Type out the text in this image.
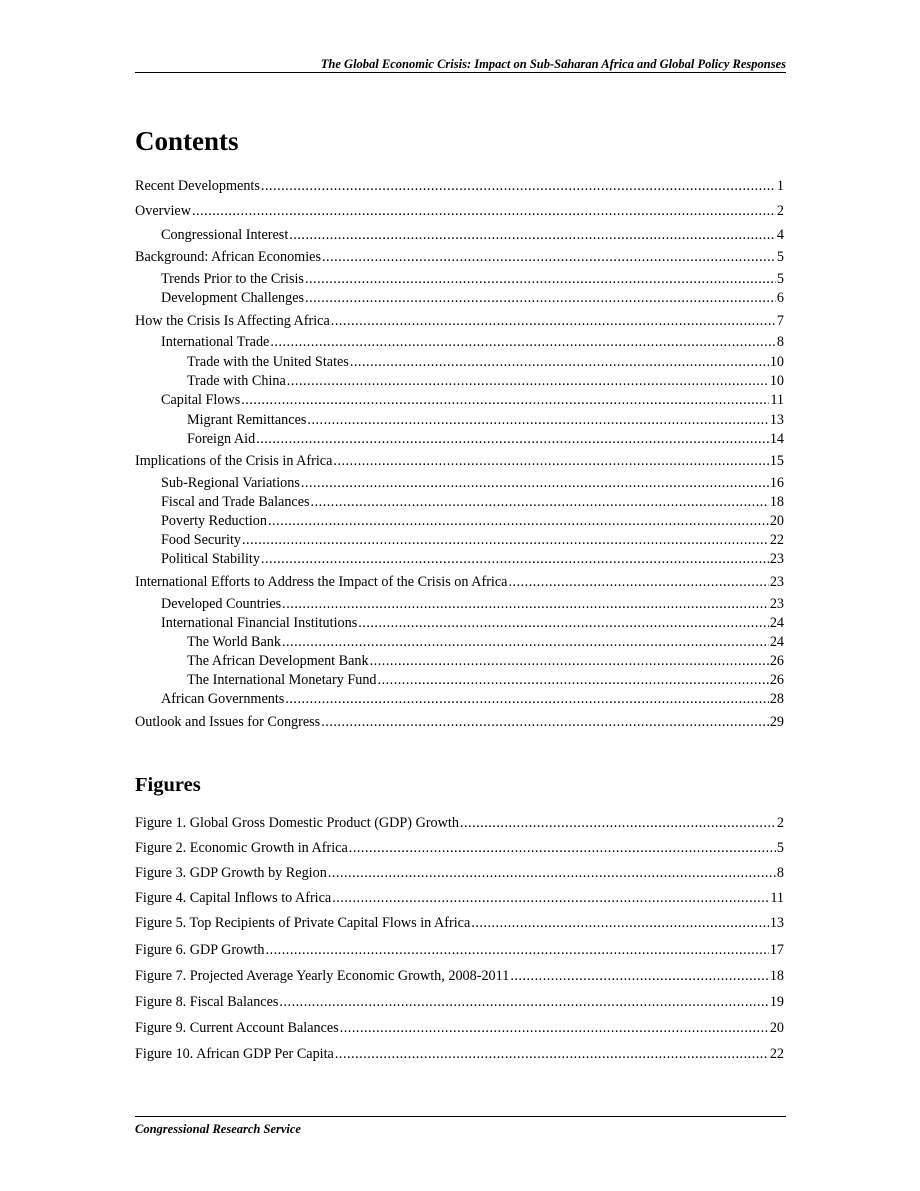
The Global Economic Crisis: Impact on Sub-Saharan Africa and Global Policy Responses
Contents
Recent Developments .....	1
Overview .....	2
Congressional Interest .....	4
Background: African Economies .....	5
Trends Prior to the Crisis .....	5
Development Challenges .....	6
How the Crisis Is Affecting Africa .....	7
International Trade .....	8
Trade with the United States .....	10
Trade with China .....	10
Capital Flows .....	11
Migrant Remittances .....	13
Foreign Aid .....	14
Implications of the Crisis in Africa .....	15
Sub-Regional Variations .....	16
Fiscal and Trade Balances .....	18
Poverty Reduction .....	20
Food Security .....	22
Political Stability .....	23
International Efforts to Address the Impact of the Crisis on Africa .....	23
Developed Countries .....	23
International Financial Institutions .....	24
The World Bank .....	24
The African Development Bank .....	26
The International Monetary Fund .....	26
African Governments .....	28
Outlook and Issues for Congress .....	29
Figures
Figure 1. Global Gross Domestic Product (GDP) Growth .....	2
Figure 2. Economic Growth in Africa .....	5
Figure 3. GDP Growth by Region .....	8
Figure 4. Capital Inflows to Africa .....	11
Figure 5. Top Recipients of Private Capital Flows in Africa .....	13
Figure 6. GDP Growth .....	17
Figure 7. Projected Average Yearly Economic Growth, 2008-2011 .....	18
Figure 8. Fiscal Balances .....	19
Figure 9. Current Account Balances .....	20
Figure 10. African GDP Per Capita .....	22
Congressional Research Service
